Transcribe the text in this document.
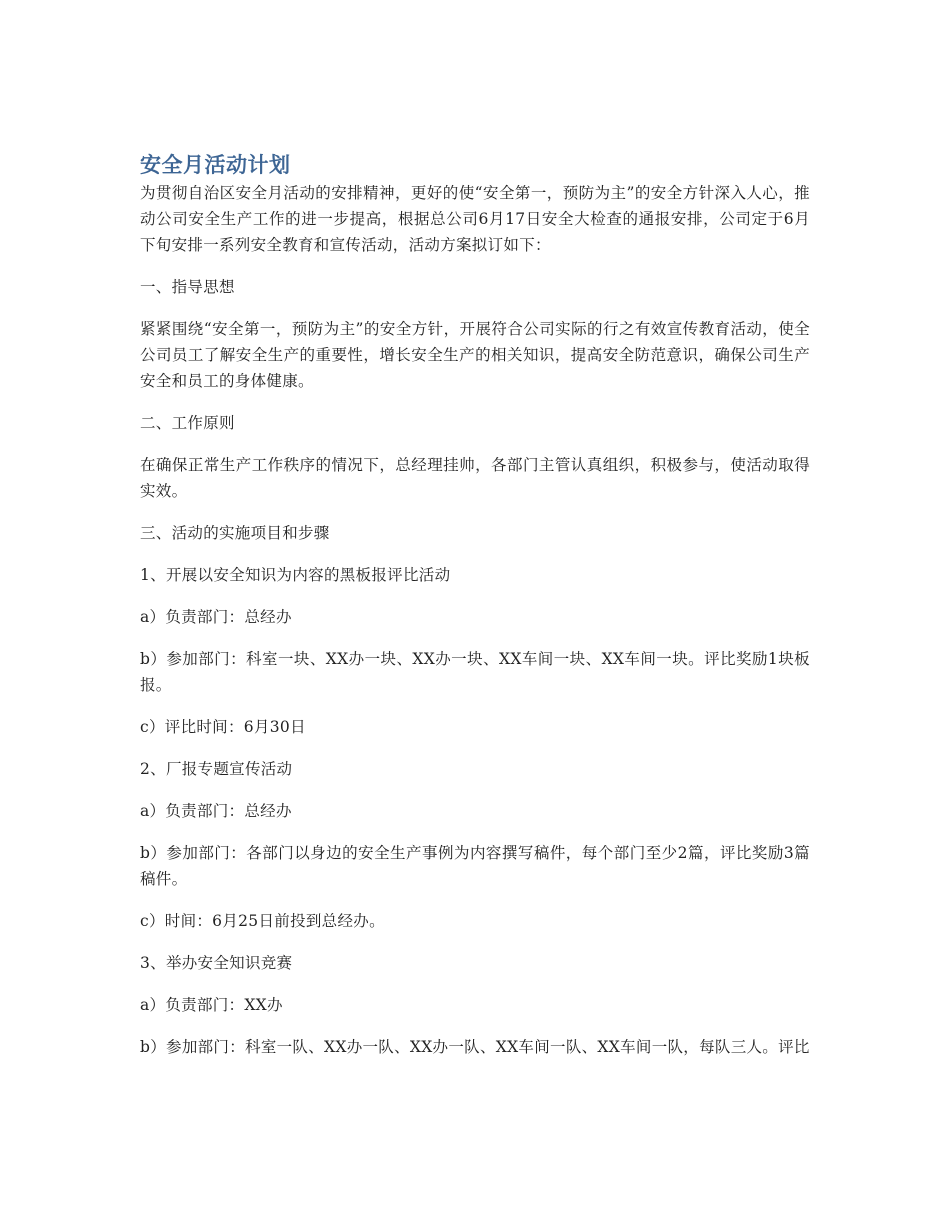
安全月活动计划

为贯彻自治区安全月活动的安排精神，更好的使“安全第一，预防为主”的安全方针深入人心，推动公司安全生产工作的进一步提高，根据总公司6月17日安全大检查的通报安排，公司定于6月下旬安排一系列安全教育和宣传活动，活动方案拟订如下：

一、指导思想

紧紧围绕“安全第一，预防为主”的安全方针，开展符合公司实际的行之有效宣传教育活动，使全公司员工了解安全生产的重要性，增长安全生产的相关知识，提高安全防范意识，确保公司生产安全和员工的身体健康。

二、工作原则

在确保正常生产工作秩序的情况下，总经理挂帅，各部门主管认真组织，积极参与，使活动取得实效。

三、活动的实施项目和步骤

1、开展以安全知识为内容的黑板报评比活动

a）负责部门：总经办

b）参加部门：科室一块、XX办一块、XX办一块、XX车间一块、XX车间一块。评比奖励1块板报。

c）评比时间：6月30日

2、厂报专题宣传活动

a）负责部门：总经办

b）参加部门：各部门以身边的安全生产事例为内容撰写稿件，每个部门至少2篇，评比奖励3篇稿件。

c）时间：6月25日前投到总经办。

3、举办安全知识竞赛

a）负责部门：XX办

b）参加部门：科室一队、XX办一队、XX办一队、XX车间一队、XX车间一队，每队三人。评比
